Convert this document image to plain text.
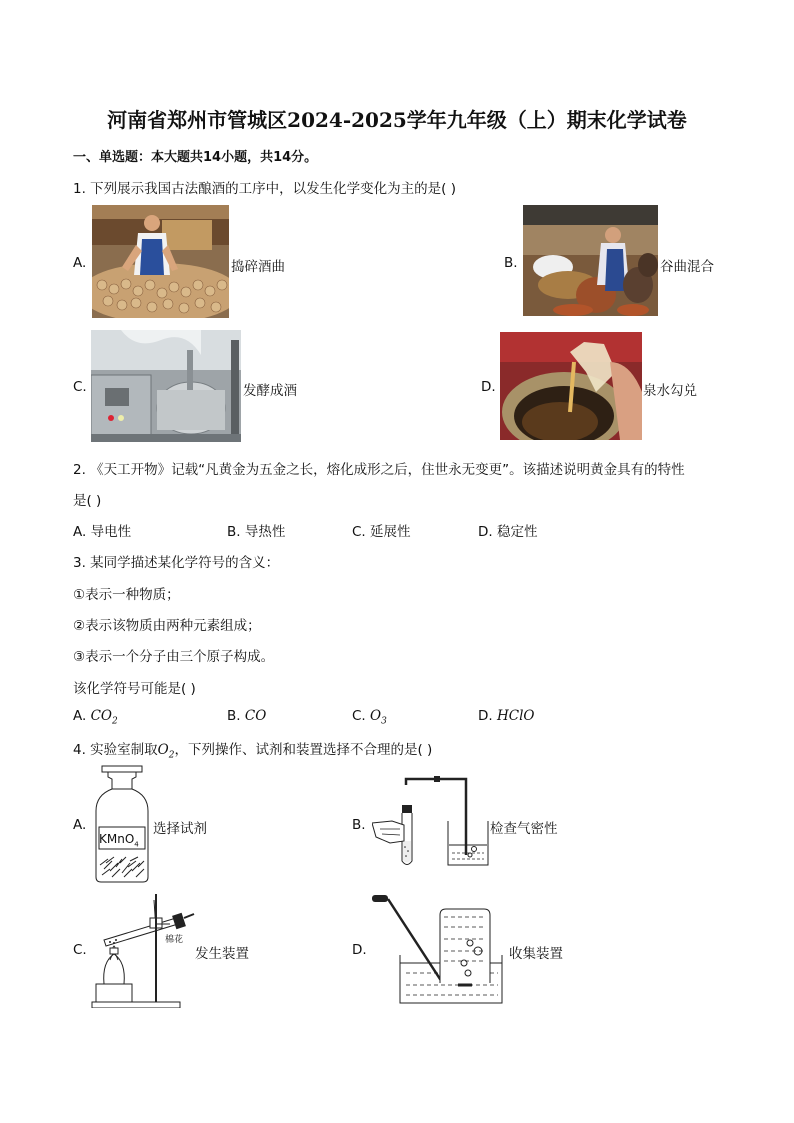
河南省郑州市管城区2024-2025学年九年级（上）期末化学试卷
一、单选题：本大题共14小题，共14分。
1. 下列展示我国古法酿酒的工序中，以发生化学变化为主的是( )
A.	捣碎酒曲	B.	谷曲混合
C.	发酵成酒	D.	泉水勾兑
2. 《天工开物》记载“凡黄金为五金之长，熔化成形之后，住世永无变更”。该描述说明黄金具有的特性
是( )
A. 导电性	B. 导热性	C. 延展性	D. 稳定性
3. 某同学描述某化学符号的含义：
①表示一种物质；
②表示该物质由两种元素组成；
③表示一个分子由三个原子构成。
该化学符号可能是( )
A. $CO_2$	B. CO	C. $O_3$	D. HClO
4. 实验室制取$O_2$，下列操作、试剂和装置选择不合理的是( )
A.
KMnO$_4$
选择试剂	B.	检查气密性
C.
棉花
发生装置	D.	收集装置
